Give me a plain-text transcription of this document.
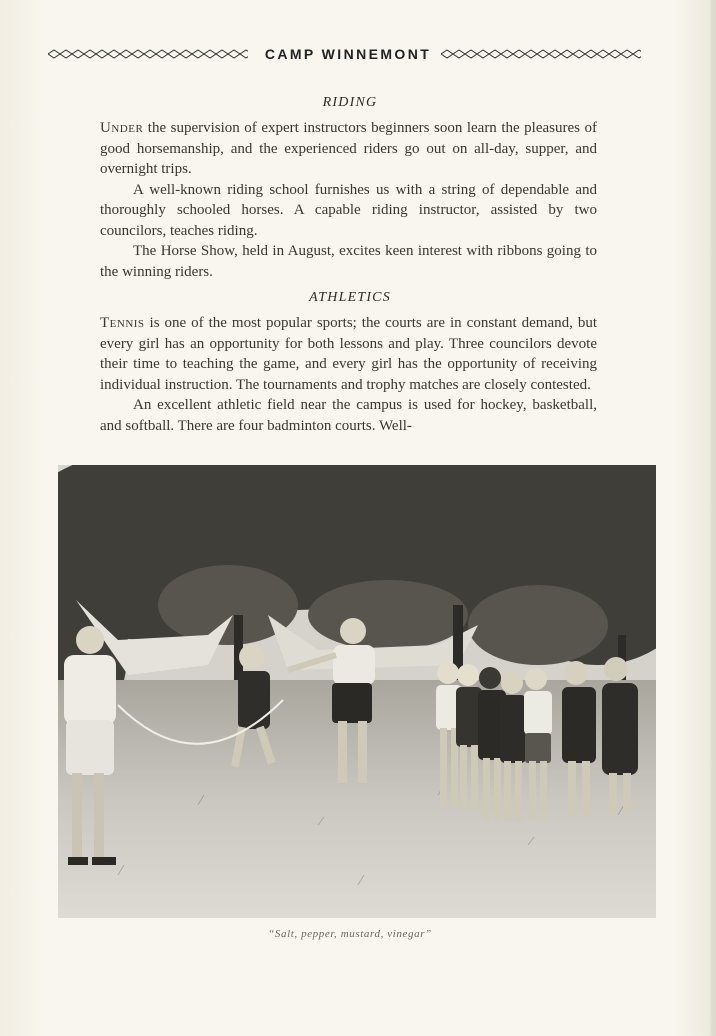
CAMP WINNEMONT
RIDING

Under the supervision of expert instructors beginners soon learn the pleasures of good horsemanship, and the experienced riders go out on all-day, supper, and overnight trips.

A well-known riding school furnishes us with a string of dependable and thoroughly schooled horses. A capable riding instructor, assisted by two councilors, teaches riding.

The Horse Show, held in August, excites keen interest with ribbons going to the winning riders.

ATHLETICS

Tennis is one of the most popular sports; the courts are in constant demand, but every girl has an opportunity for both lessons and play. Three councilors devote their time to teaching the game, and every girl has the opportunity of receiving individual instruction. The tournaments and trophy matches are closely contested.

An excellent athletic field near the campus is used for hockey, basketball, and softball. There are four badminton courts. Well-

“Salt, pepper, mustard, vinegar”
